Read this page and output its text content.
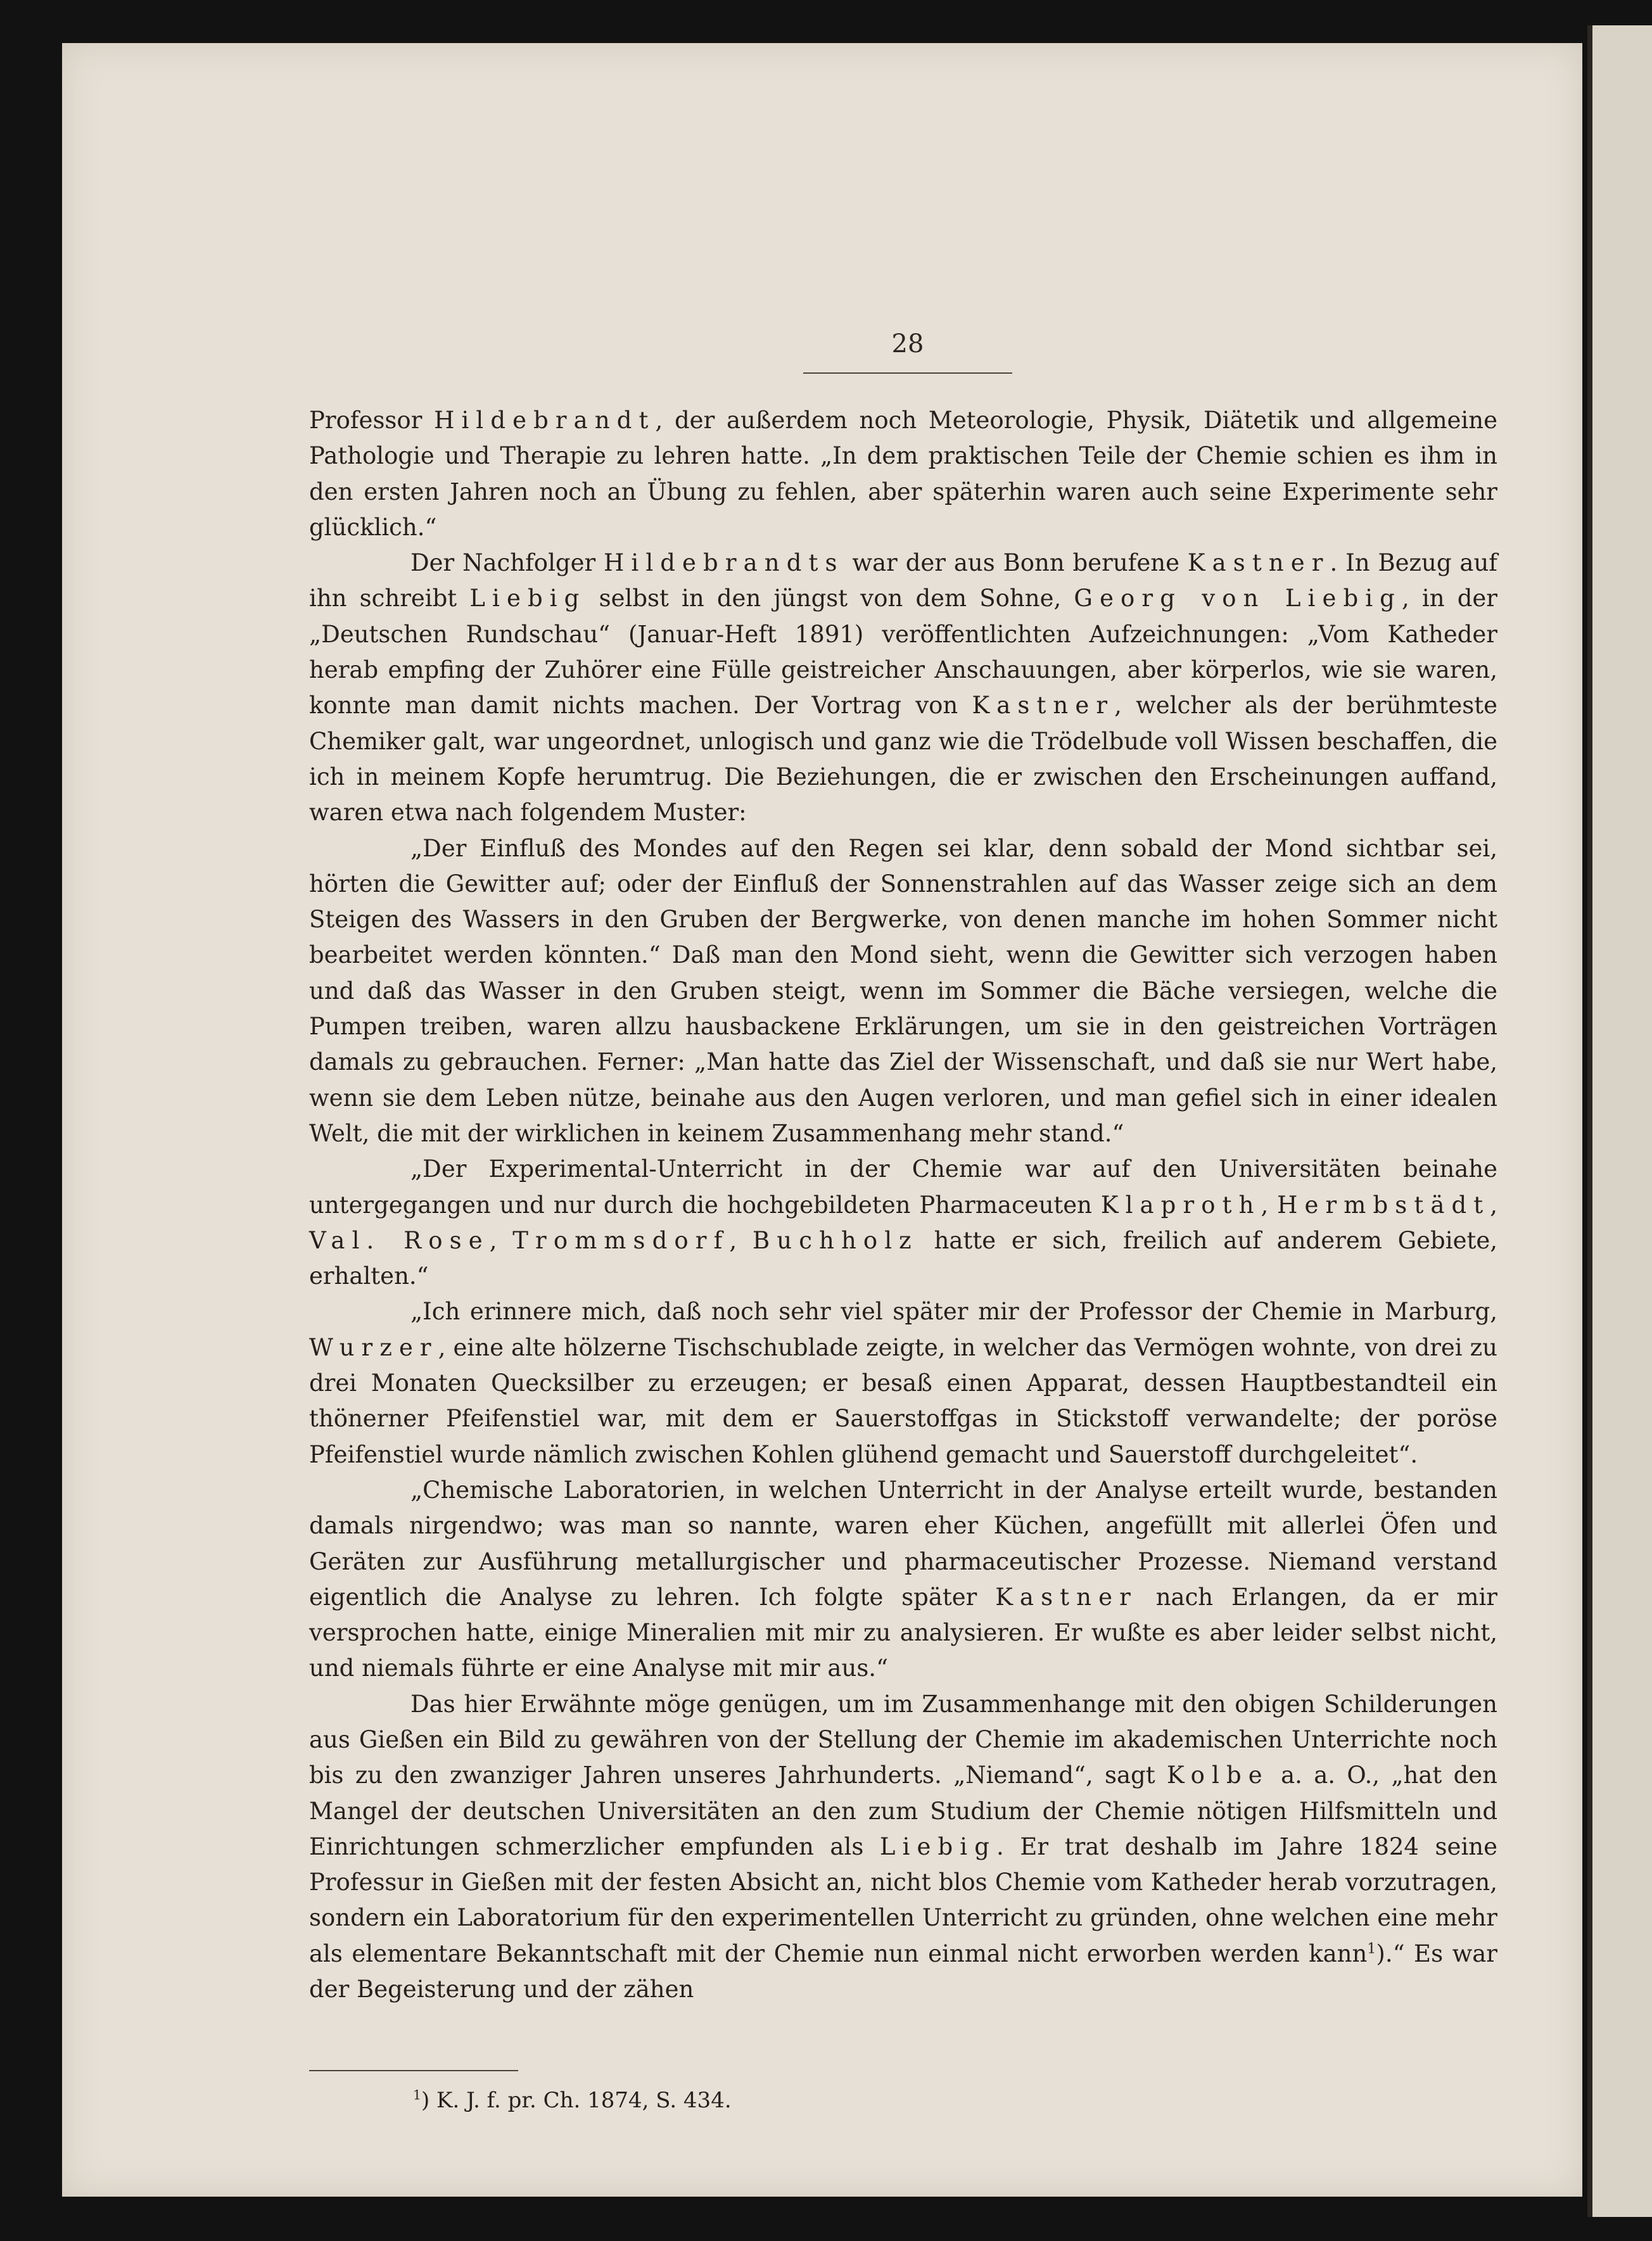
28

Professor Hildebrandt, der außerdem noch Meteorologie, Physik, Diätetik und allgemeine Pathologie und Therapie zu lehren hatte. „In dem praktischen Teile der Chemie schien es ihm in den ersten Jahren noch an Übung zu fehlen, aber späterhin waren auch seine Experimente sehr glücklich.“

Der Nachfolger Hildebrandts war der aus Bonn berufene Kastner. In Bezug auf ihn schreibt Liebig selbst in den jüngst von dem Sohne, Georg von Liebig, in der „Deutschen Rundschau“ (Januar-Heft 1891) veröffentlichten Aufzeichnungen: „Vom Katheder herab empfing der Zuhörer eine Fülle geistreicher Anschauungen, aber körperlos, wie sie waren, konnte man damit nichts machen. Der Vortrag von Kastner, welcher als der berühmteste Chemiker galt, war ungeordnet, unlogisch und ganz wie die Trödelbude voll Wissen beschaffen, die ich in meinem Kopfe herumtrug. Die Beziehungen, die er zwischen den Erscheinungen auffand, waren etwa nach folgendem Muster:

„Der Einfluß des Mondes auf den Regen sei klar, denn sobald der Mond sichtbar sei, hörten die Gewitter auf; oder der Einfluß der Sonnenstrahlen auf das Wasser zeige sich an dem Steigen des Wassers in den Gruben der Bergwerke, von denen manche im hohen Sommer nicht bearbeitet werden könnten.“ Daß man den Mond sieht, wenn die Gewitter sich verzogen haben und daß das Wasser in den Gruben steigt, wenn im Sommer die Bäche versiegen, welche die Pumpen treiben, waren allzu hausbackene Erklärungen, um sie in den geistreichen Vorträgen damals zu gebrauchen. Ferner: „Man hatte das Ziel der Wissenschaft, und daß sie nur Wert habe, wenn sie dem Leben nütze, beinahe aus den Augen verloren, und man gefiel sich in einer idealen Welt, die mit der wirklichen in keinem Zusammenhang mehr stand.“

„Der Experimental-Unterricht in der Chemie war auf den Universitäten beinahe untergegangen und nur durch die hochgebildeten Pharmaceuten Klaproth, Hermbstädt, Val. Rose, Trommsdorf, Buchholz hatte er sich, freilich auf anderem Gebiete, erhalten.“

„Ich erinnere mich, daß noch sehr viel später mir der Professor der Chemie in Marburg, Wurzer, eine alte hölzerne Tischschublade zeigte, in welcher das Vermögen wohnte, von drei zu drei Monaten Quecksilber zu erzeugen; er besaß einen Apparat, dessen Hauptbestandteil ein thönerner Pfeifenstiel war, mit dem er Sauerstoffgas in Stickstoff verwandelte; der poröse Pfeifenstiel wurde nämlich zwischen Kohlen glühend gemacht und Sauerstoff durchgeleitet“.

„Chemische Laboratorien, in welchen Unterricht in der Analyse erteilt wurde, bestanden damals nirgendwo; was man so nannte, waren eher Küchen, angefüllt mit allerlei Öfen und Geräten zur Ausführung metallurgischer und pharmaceutischer Prozesse. Niemand verstand eigentlich die Analyse zu lehren. Ich folgte später Kastner nach Erlangen, da er mir versprochen hatte, einige Mineralien mit mir zu analysieren. Er wußte es aber leider selbst nicht, und niemals führte er eine Analyse mit mir aus.“

Das hier Erwähnte möge genügen, um im Zusammenhange mit den obigen Schilderungen aus Gießen ein Bild zu gewähren von der Stellung der Chemie im akademischen Unterrichte noch bis zu den zwanziger Jahren unseres Jahrhunderts. „Niemand“, sagt Kolbe a. a. O., „hat den Mangel der deutschen Universitäten an den zum Studium der Chemie nötigen Hilfsmitteln und Einrichtungen schmerzlicher empfunden als Liebig. Er trat deshalb im Jahre 1824 seine Professur in Gießen mit der festen Absicht an, nicht blos Chemie vom Katheder herab vorzutragen, sondern ein Laboratorium für den experimentellen Unterricht zu gründen, ohne welchen eine mehr als elementare Bekanntschaft mit der Chemie nun einmal nicht erworben werden kann$^1$).“ Es war der Begeisterung und der zähen

$^1$) K. J. f. pr. Ch. 1874, S. 434.
